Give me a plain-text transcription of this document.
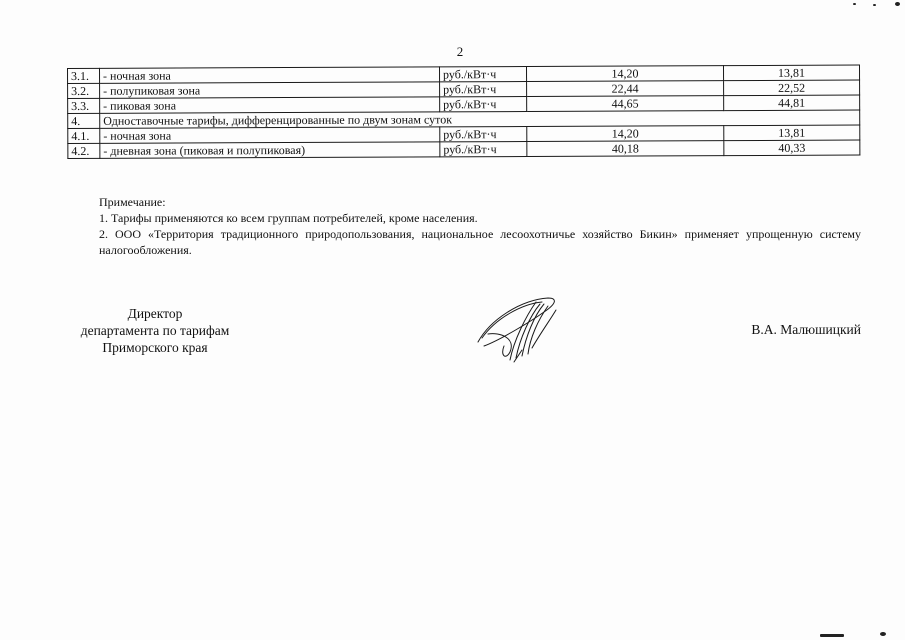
2
3.1.	- ночная зона	руб./кВт·ч	14,20	13,81
3.2.	- полупиковая зона	руб./кВт·ч	22,44	22,52
3.3.	- пиковая зона	руб./кВт·ч	44,65	44,81
4.	Одноставочные тарифы, дифференцированные по двум зонам суток			
4.1.	- ночная зона	руб./кВт·ч	14,20	13,81
4.2.	- дневная зона (пиковая и полупиковая)	руб./кВт·ч	40,18	40,33

Примечание:

1. Тарифы применяются ко всем группам потребителей, кроме населения.

2. ООО «Территория традиционного природопользования, национальное лесоохотничье хозяйство Бикин» применяет упрощенную систему налогообложения.

Директор
департамента по тарифам
Приморского края
В.А. Малюшицкий
